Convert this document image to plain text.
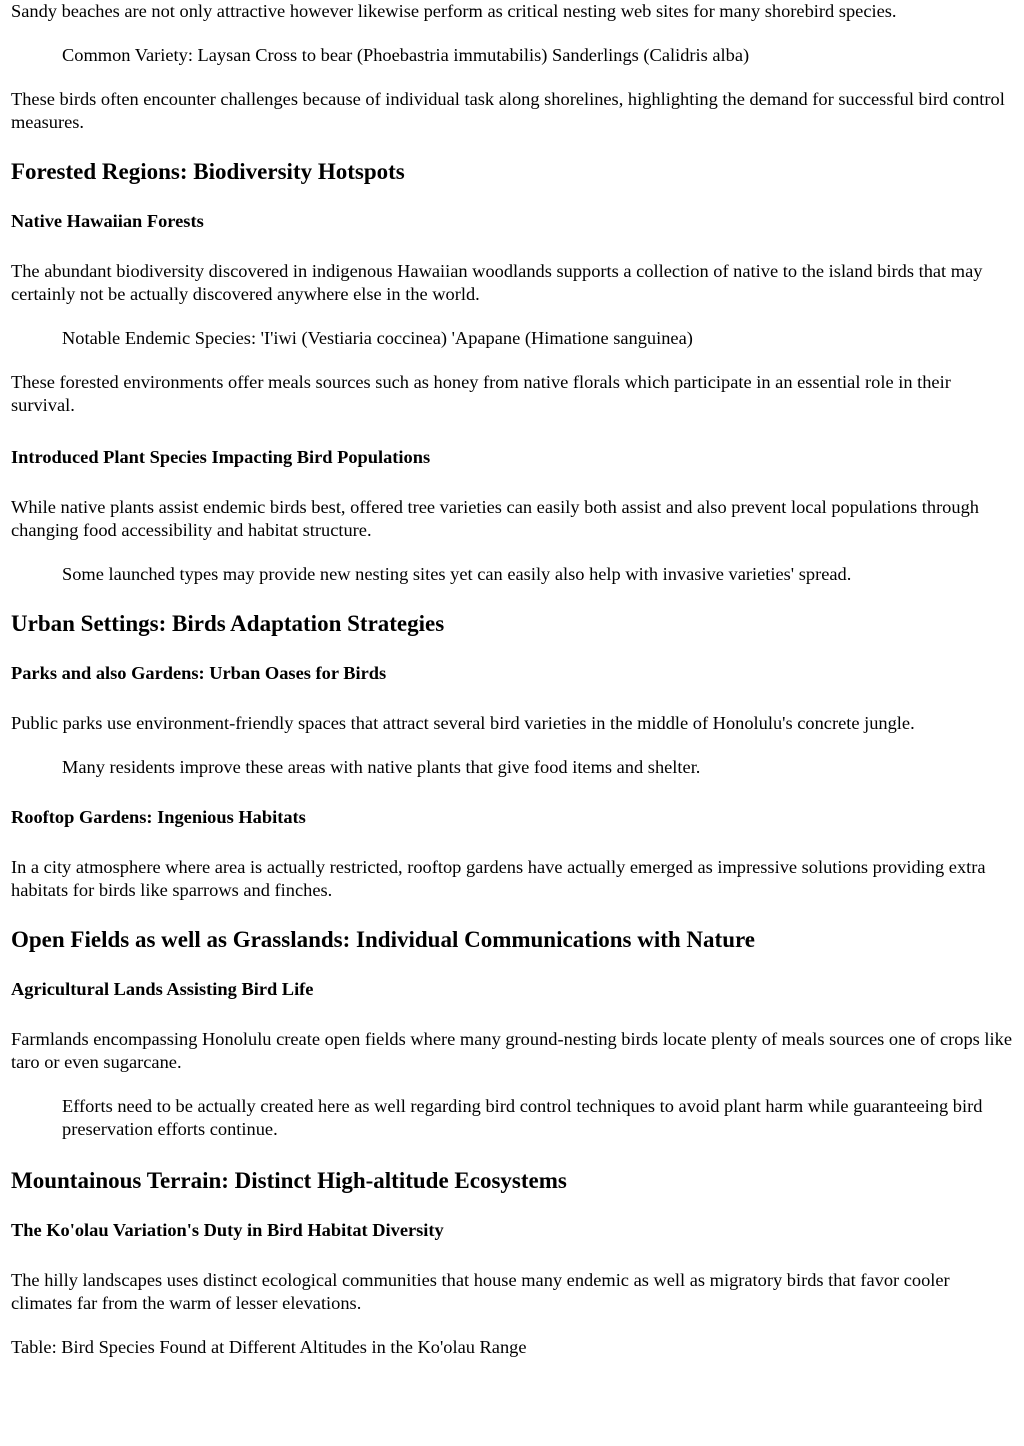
Sandy beaches are not only attractive however likewise perform as critical nesting web sites for many shorebird species.

Common Variety: Laysan Cross to bear (Phoebastria immutabilis) Sanderlings (Calidris alba)

These birds often encounter challenges because of individual task along shorelines, highlighting the demand for successful bird control measures.

Forested Regions: Biodiversity Hotspots
Native Hawaiian Forests

The abundant biodiversity discovered in indigenous Hawaiian woodlands supports a collection of native to the island birds that may certainly not be actually discovered anywhere else in the world.

Notable Endemic Species: 'I'iwi (Vestiaria coccinea) 'Apapane (Himatione sanguinea)

These forested environments offer meals sources such as honey from native florals which participate in an essential role in their survival.

Introduced Plant Species Impacting Bird Populations

While native plants assist endemic birds best, offered tree varieties can easily both assist and also prevent local populations through changing food accessibility and habitat structure.

Some launched types may provide new nesting sites yet can easily also help with invasive varieties' spread.

Urban Settings: Birds Adaptation Strategies
Parks and also Gardens: Urban Oases for Birds

Public parks use environment-friendly spaces that attract several bird varieties in the middle of Honolulu's concrete jungle.

Many residents improve these areas with native plants that give food items and shelter.

Rooftop Gardens: Ingenious Habitats

In a city atmosphere where area is actually restricted, rooftop gardens have actually emerged as impressive solutions providing extra habitats for birds like sparrows and finches.

Open Fields as well as Grasslands: Individual Communications with Nature
Agricultural Lands Assisting Bird Life

Farmlands encompassing Honolulu create open fields where many ground-nesting birds locate plenty of meals sources one of crops like taro or even sugarcane.

Efforts need to be actually created here as well regarding bird control techniques to avoid plant harm while guaranteeing bird preservation efforts continue.

Mountainous Terrain: Distinct High-altitude Ecosystems
The Ko'olau Variation's Duty in Bird Habitat Diversity

The hilly landscapes uses distinct ecological communities that house many endemic as well as migratory birds that favor cooler climates far from the warm of lesser elevations.

Table: Bird Species Found at Different Altitudes in the Ko'olau Range
